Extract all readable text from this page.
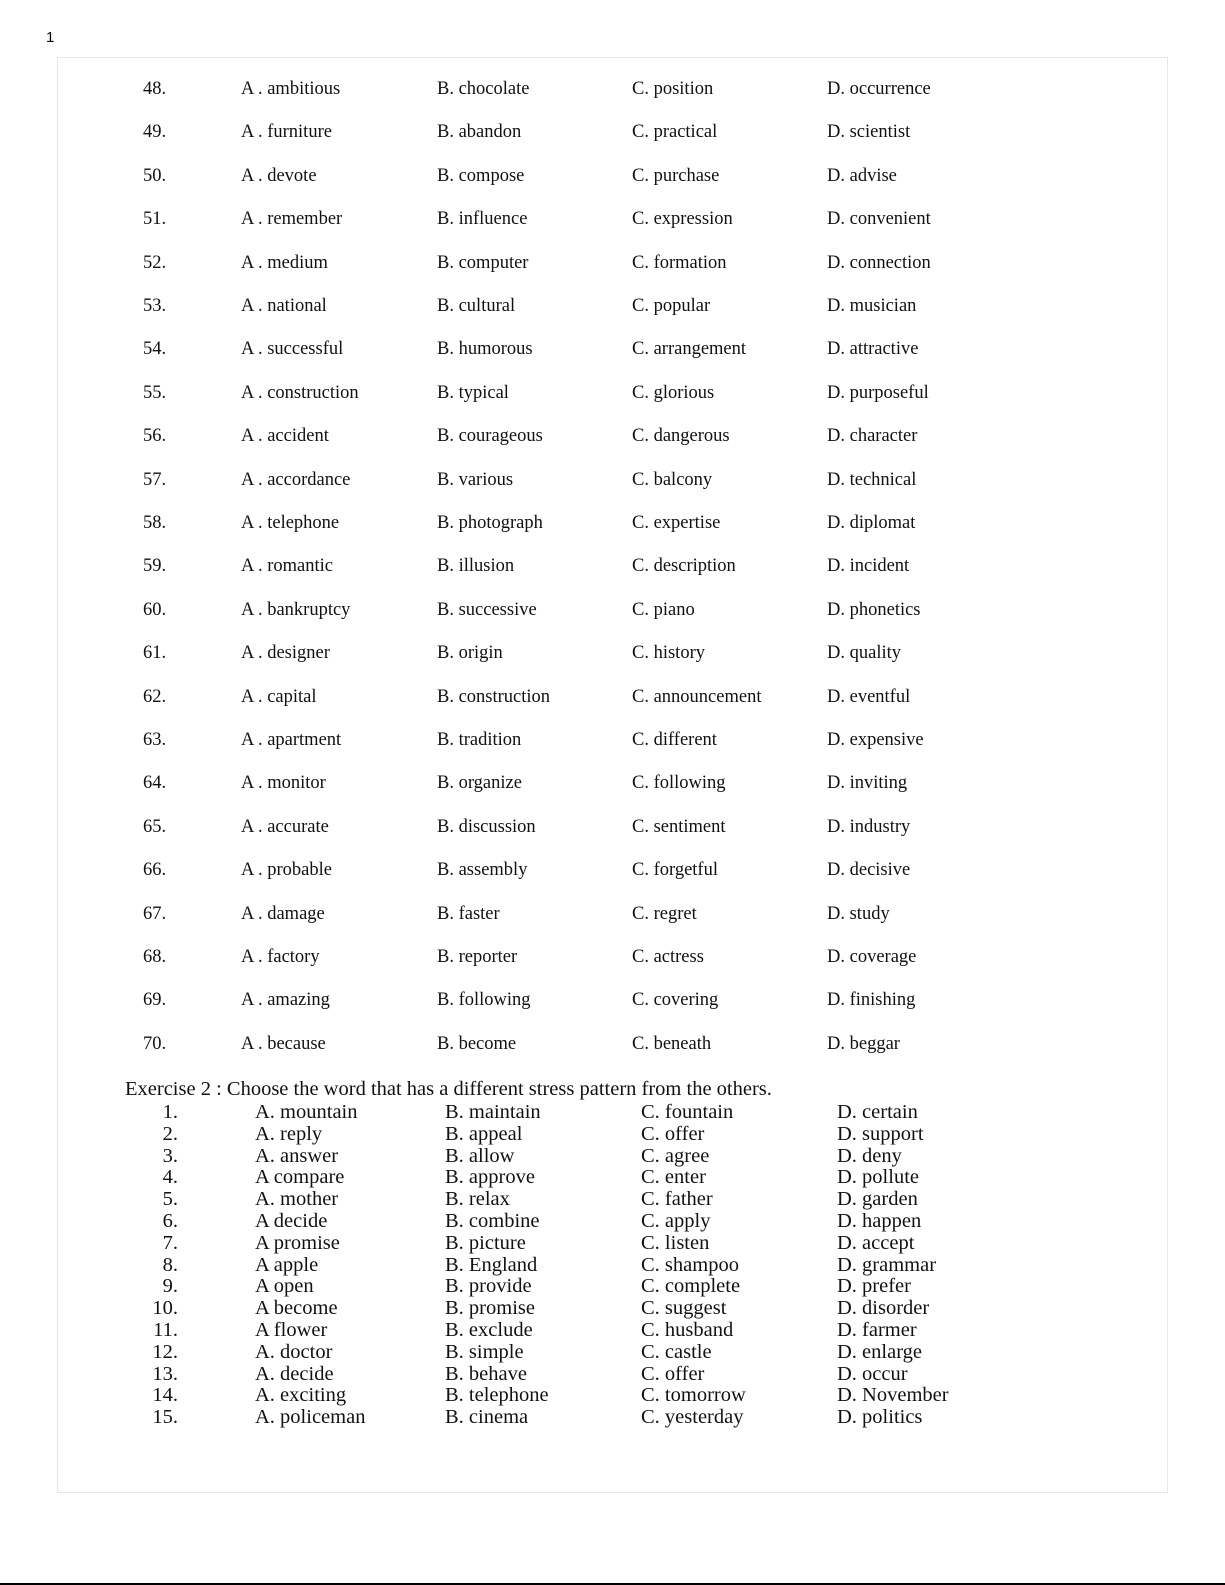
1
48.	A . ambitious	B. chocolate	C. position	D. occurrence
49.	A . furniture	B. abandon	C. practical	D. scientist
50.	A . devote	B. compose	C. purchase	D. advise
51.	A . remember	B. influence	C. expression	D. convenient
52.	A . medium	B. computer	C. formation	D. connection
53.	A . national	B. cultural	C. popular	D. musician
54.	A . successful	B. humorous	C. arrangement	D. attractive
55.	A . construction	B. typical	C. glorious	D. purposeful
56.	A . accident	B. courageous	C. dangerous	D. character
57.	A . accordance	B. various	C. balcony	D. technical
58.	A . telephone	B. photograph	C. expertise	D. diplomat
59.	A . romantic	B. illusion	C. description	D. incident
60.	A . bankruptcy	B. successive	C. piano	D. phonetics
61.	A . designer	B. origin	C. history	D. quality
62.	A . capital	B. construction	C. announcement	D. eventful
63.	A . apartment	B. tradition	C. different	D. expensive
64.	A . monitor	B. organize	C. following	D. inviting
65.	A . accurate	B. discussion	C. sentiment	D. industry
66.	A . probable	B. assembly	C. forgetful	D. decisive
67.	A . damage	B. faster	C. regret	D. study
68.	A . factory	B. reporter	C. actress	D. coverage
69.	A . amazing	B. following	C. covering	D. finishing
70.	A . because	B. become	C. beneath	D. beggar
Exercise 2 : Choose the word that has a different stress pattern from the others.
1.	A. mountain	B. maintain	C. fountain	D. certain
2.	A. reply	B. appeal	C. offer	D. support
3.	A. answer	B. allow	C. agree	D. deny
4.	A compare	B. approve	C. enter	D. pollute
5.	A. mother	B. relax	C. father	D. garden
6.	A decide	B. combine	C. apply	D. happen
7.	A promise	B. picture	C. listen	D. accept
8.	A apple	B. England	C. shampoo	D. grammar
9.	A open	B. provide	C. complete	D. prefer
10.	A become	B. promise	C. suggest	D. disorder
11.	A flower	B. exclude	C. husband	D. farmer
12.	A. doctor	B. simple	C. castle	D. enlarge
13.	A. decide	B. behave	C. offer	D. occur
14.	A. exciting	B. telephone	C. tomorrow	D. November
15.	A. policeman	B. cinema	C. yesterday	D. politics
